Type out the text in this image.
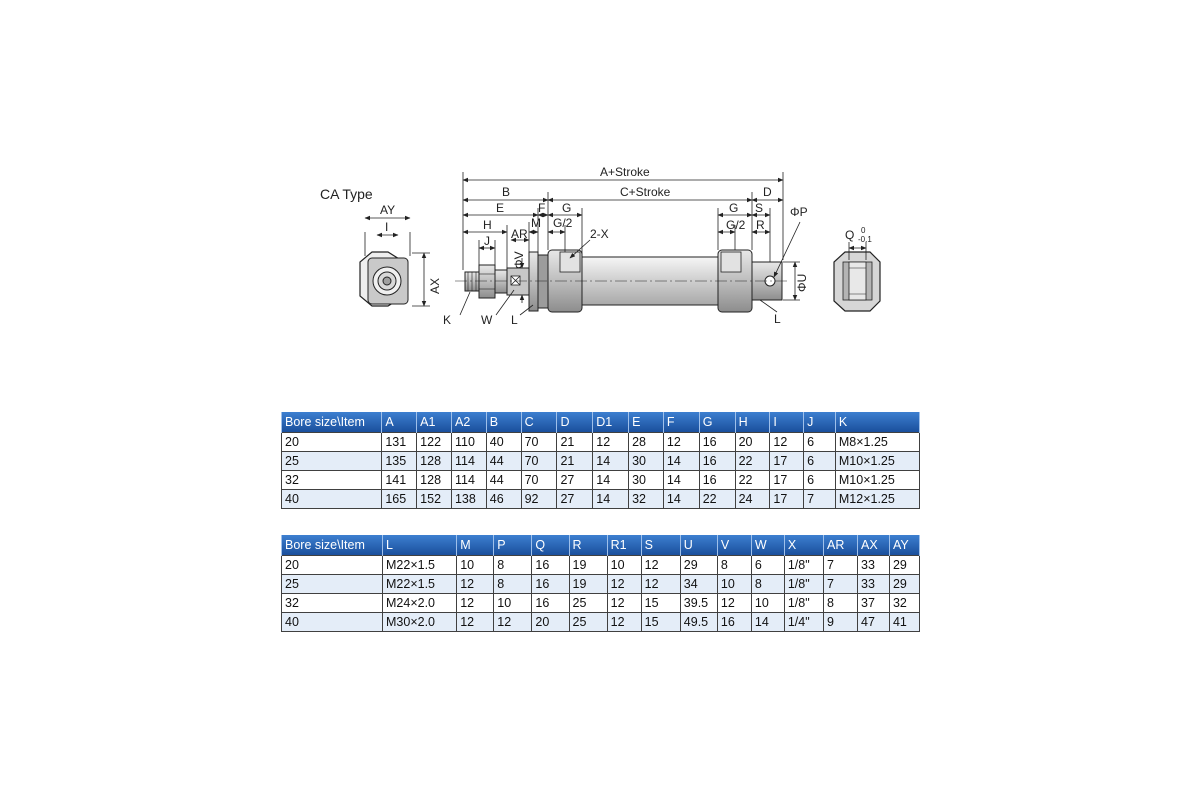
CA Type
AY
I
AX
A+Stroke
B	C+Stroke	D
E	F G
G/2
M
H
J AR	2-X
ΦV
K W L
G S
G/2 R
ΦP
ΦU
L
Q 0
-0.1
Bore size\Item	A	A1	A2	B	C	D	D1	E	F	G	H	I	J	K
20	131	122	110	40	70	21	12	28	12	16	20	12	6	M8×1.25
25	135	128	114	44	70	21	14	30	14	16	22	17	6	M10×1.25
32	141	128	114	44	70	27	14	30	14	16	22	17	6	M10×1.25
40	165	152	138	46	92	27	14	32	14	22	24	17	7	M12×1.25
Bore size\Item	L	M	P	Q	R	R1	S	U	V	W	X	AR	AX	AY
20	M22×1.5	10	8	16	19	10	12	29	8	6	1/8"	7	33	29
25	M22×1.5	12	8	16	19	12	12	34	10	8	1/8"	7	33	29
32	M24×2.0	12	10	16	25	12	15	39.5	12	10	1/8"	8	37	32
40	M30×2.0	12	12	20	25	12	15	49.5	16	14	1/4"	9	47	41
